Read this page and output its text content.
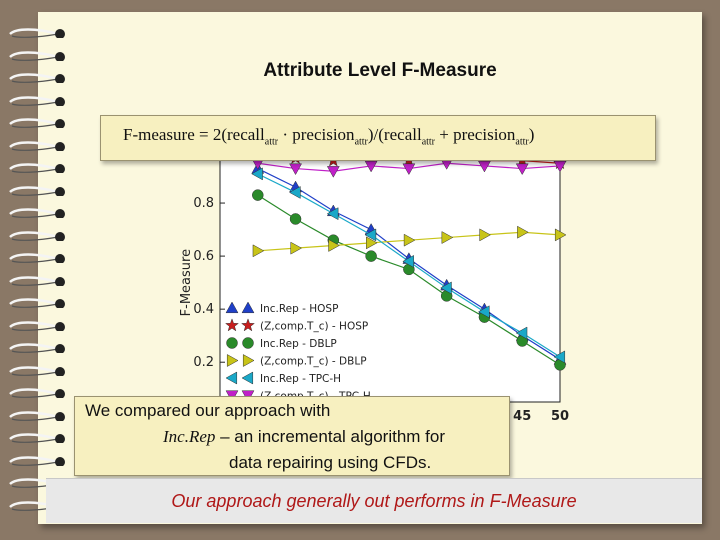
Attribute Level F-Measure
0.2
0.4
0.6
0.8
F-Measure
45 50
Inc.Rep - HOSP
(Z,comp.T_c) - HOSP
Inc.Rep - DBLP
(Z,comp.T_c) - DBLP
Inc.Rep - TPC-H
F-measure = 2(recall$_{attr}$ · precision$_{attr}$)/(recall$_{attr}$ + precision$_{attr}$)
We compared our approach with
Inc.Rep – an incremental algorithm for
data repairing using CFDs.
Our approach generally out performs in F-Measure
